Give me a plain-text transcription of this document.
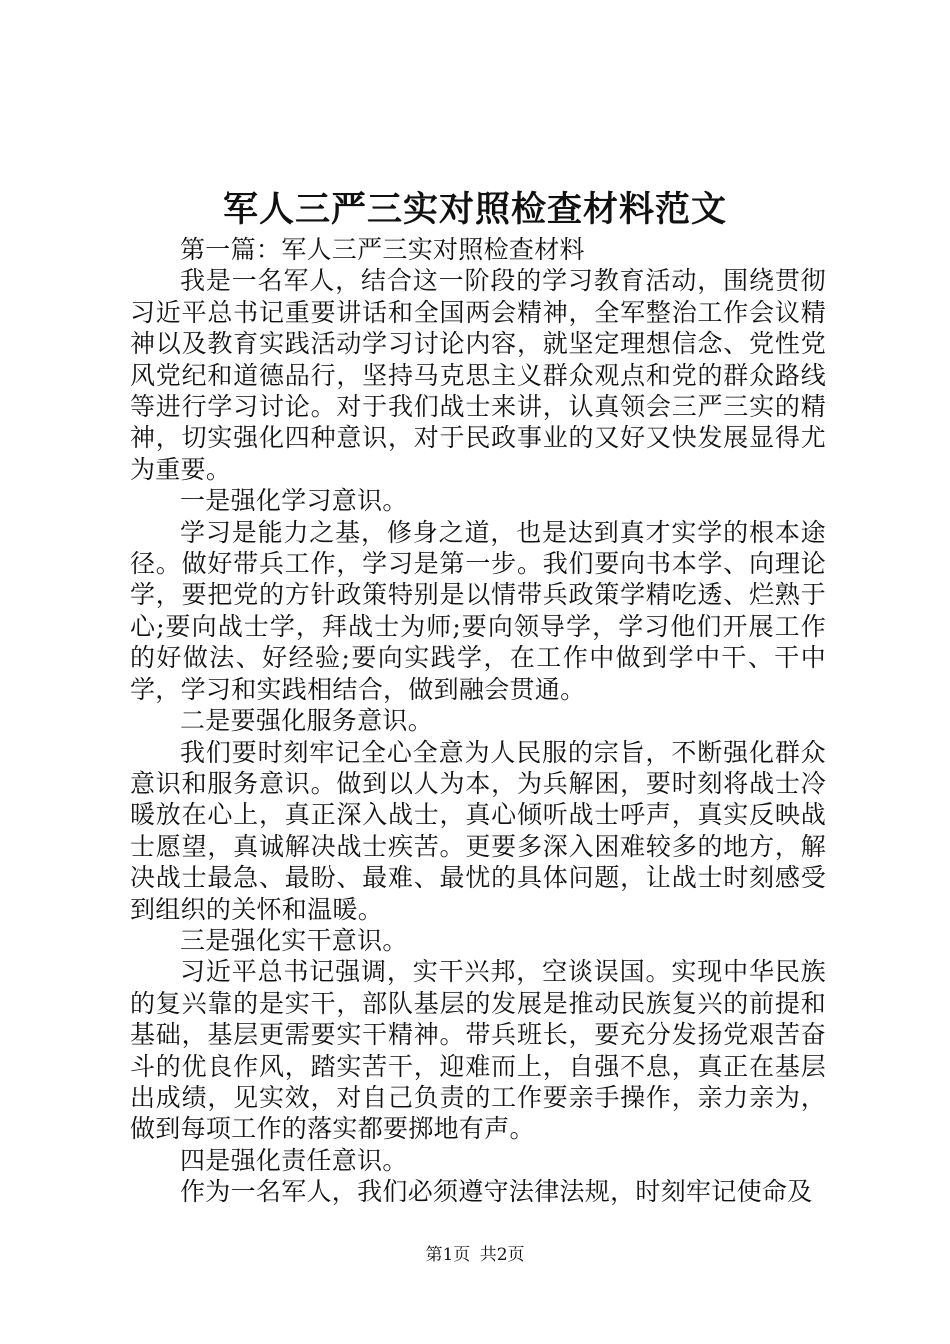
军人三严三实对照检查材料范文

第一篇：军人三严三实对照检查材料

我是一名军人，结合这一阶段的学习教育活动，围绕贯彻习近平总书记重要讲话和全国两会精神，全军整治工作会议精神以及教育实践活动学习讨论内容，就坚定理想信念、党性党风党纪和道德品行，坚持马克思主义群众观点和党的群众路线等进行学习讨论。对于我们战士来讲，认真领会三严三实的精神，切实强化四种意识，对于民政事业的又好又快发展显得尤为重要。

一是强化学习意识。

学习是能力之基，修身之道，也是达到真才实学的根本途径。做好带兵工作，学习是第一步。我们要向书本学、向理论学，要把党的方针政策特别是以情带兵政策学精吃透、烂熟于心;要向战士学，拜战士为师;要向领导学，学习他们开展工作的好做法、好经验;要向实践学，在工作中做到学中干、干中学，学习和实践相结合，做到融会贯通。

二是要强化服务意识。

我们要时刻牢记全心全意为人民服的宗旨，不断强化群众意识和服务意识。做到以人为本，为兵解困，要时刻将战士冷暖放在心上，真正深入战士，真心倾听战士呼声，真实反映战士愿望，真诚解决战士疾苦。更要多深入困难较多的地方，解决战士最急、最盼、最难、最忧的具体问题，让战士时刻感受到组织的关怀和温暖。

三是强化实干意识。

习近平总书记强调，实干兴邦，空谈误国。实现中华民族的复兴靠的是实干，部队基层的发展是推动民族复兴的前提和基础，基层更需要实干精神。带兵班长，要充分发扬党艰苦奋斗的优良作风，踏实苦干，迎难而上，自强不息，真正在基层出成绩，见实效，对自己负责的工作要亲手操作，亲力亲为，做到每项工作的落实都要掷地有声。

四是强化责任意识。

作为一名军人，我们必须遵守法律法规，时刻牢记使命及

第1页 共2页
